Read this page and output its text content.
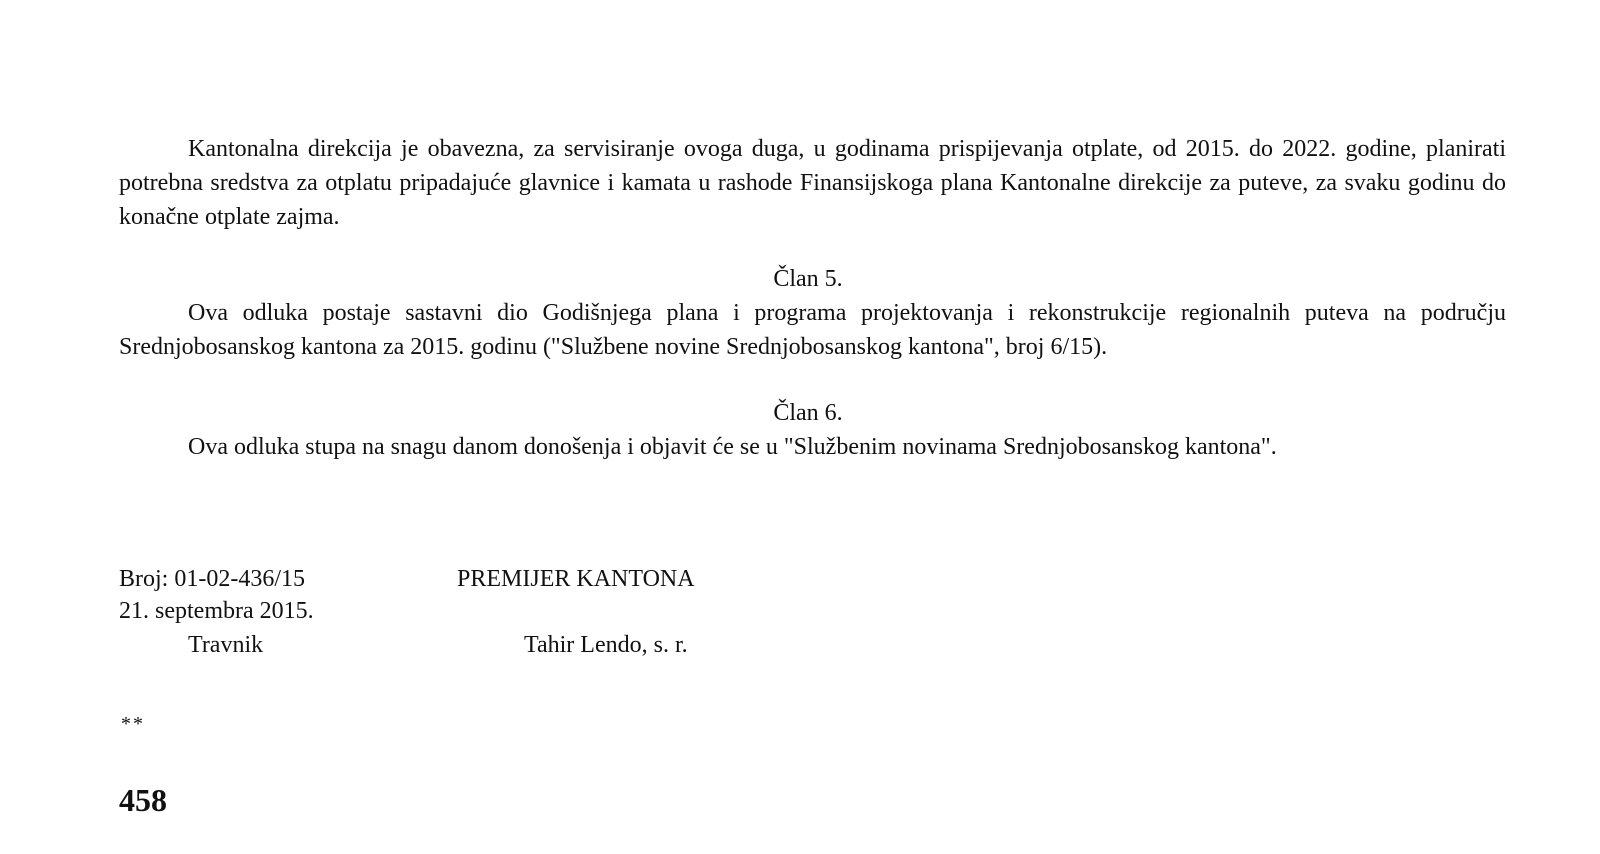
Kantonalna direkcija je obavezna, za servisiranje ovoga duga, u godinama prispijevanja otplate, od 2015. do 2022. godine, planirati potrebna sredstva za otplatu pripadajuće glavnice i kamata u rashode Finansijskoga plana Kantonalne direkcije za puteve, za svaku godinu do konačne otplate zajma.

Član 5.

Ova odluka postaje sastavni dio Godišnjega plana i programa projektovanja i rekonstrukcije regionalnih puteva na području Srednjobosanskog kantona za 2015. godinu ("Službene novine Srednjobosanskog kantona", broj 6/15).

Član 6.

Ova odluka stupa na snagu danom donošenja i objavit će se u "Službenim novinama Srednjobosanskog kantona".

Broj: 01-02-436/15
21. septembra 2015.
Travnik
PREMIJER KANTONA
Tahir Lendo, s. r.
**
458
